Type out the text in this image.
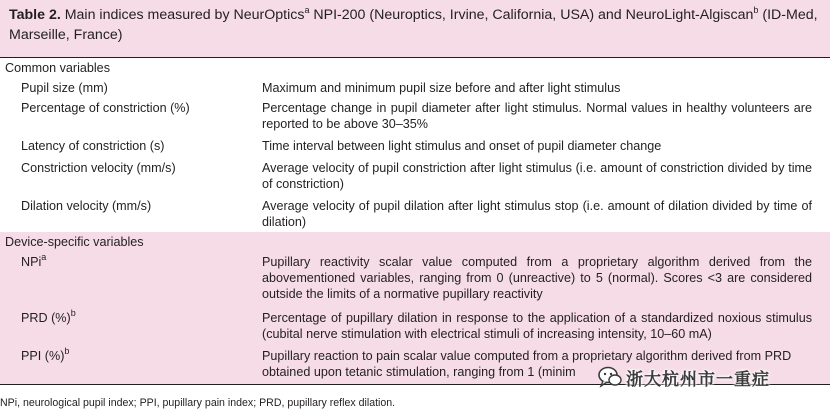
Table 2. Main indices measured by NeurOptics$^a$ NPI-200 (Neuroptics, Irvine, California, USA) and NeuroLight-Algiscan$^b$ (ID-Med, Marseille, France)
Common variables
Pupil size (mm)	Maximum and minimum pupil size before and after light stimulus
Percentage of constriction (%)	Percentage change in pupil diameter after light stimulus. Normal values in healthy volunteers are reported to be above 30–35%
Latency of constriction (s)	Time interval between light stimulus and onset of pupil diameter change
Constriction velocity (mm/s)	Average velocity of pupil constriction after light stimulus (i.e. amount of constriction divided by time of constriction)
Dilation velocity (mm/s)	Average velocity of pupil dilation after light stimulus stop (i.e. amount of dilation divided by time of dilation)
Device-specific variables
NPi$^a$	Pupillary reactivity scalar value computed from a proprietary algorithm derived from the abovementioned variables, ranging from 0 (unreactive) to 5 (normal). Scores <3 are considered outside the limits of a normative pupillary reactivity
PRD (%)$^b$	Percentage of pupillary dilation in response to the application of a standardized noxious stimulus (cubital nerve stimulation with electrical stimuli of increasing intensity, 10–60 mA)
PPI (%)$^b$	Pupillary reaction to pain scalar value computed from a proprietary algorithm derived from PRD obtained upon tetanic stimulation, ranging from 1 (minim	浙大杭州市一重症
NPi, neurological pupil index; PPI, pupillary pain index; PRD, pupillary reflex dilation.
